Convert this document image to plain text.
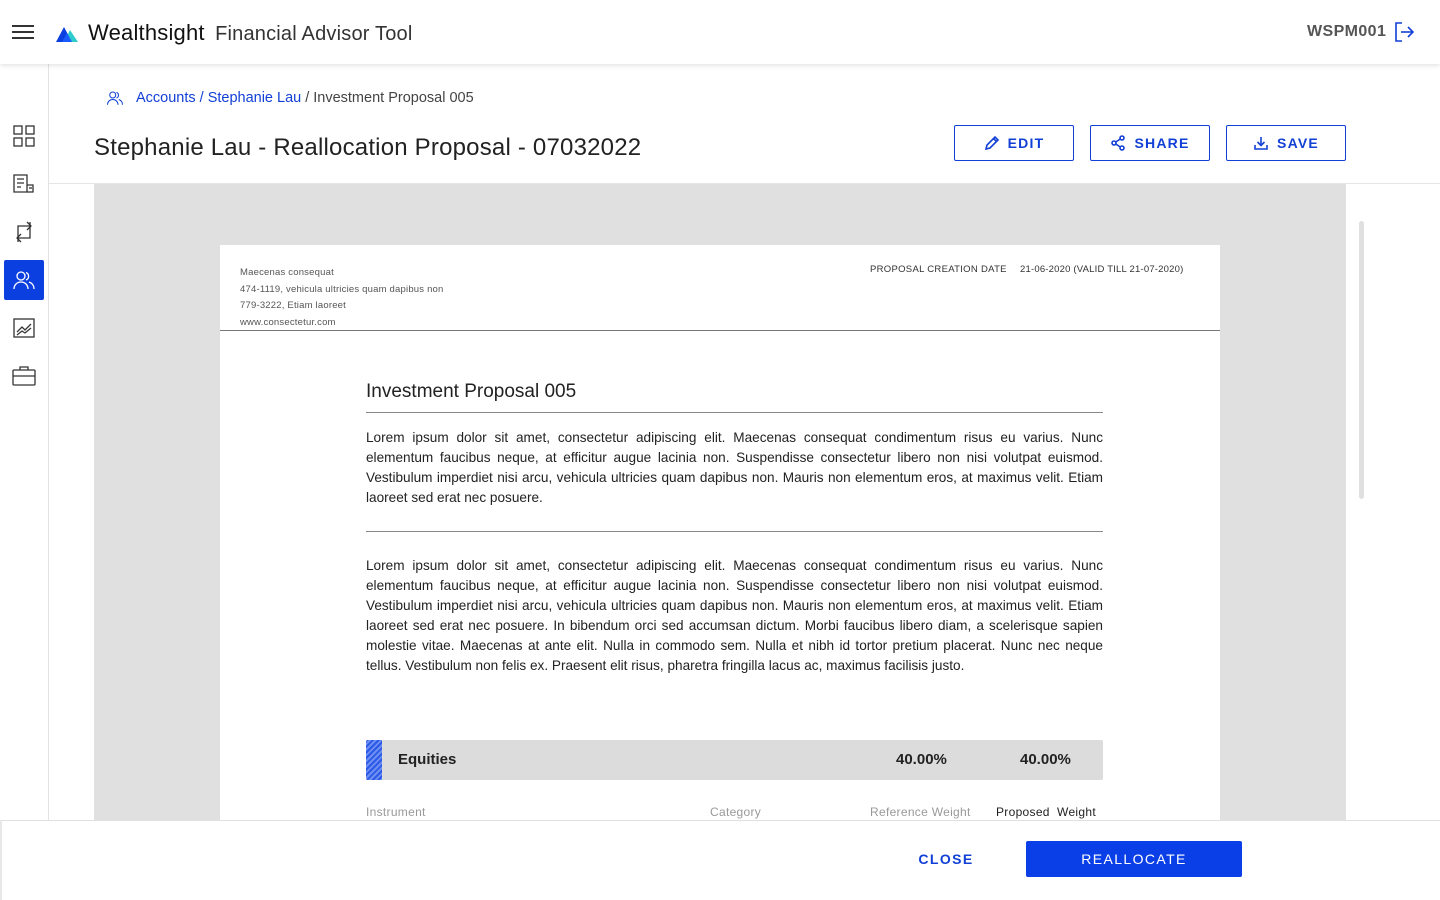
Wealthsight Financial Advisor Tool	WSPM001
Accounts / Stephanie Lau / Investment Proposal 005
Stephanie Lau - Reallocation Proposal - 07032022	EDIT	SHARE	SAVE
Maecenas consequat
474-1119, vehicula ultricies quam dapibus non
779-3222, Etiam laoreet
www.consectetur.com
PROPOSAL CREATION DATE 21-06-2020 (VALID TILL 21-07-2020)
Investment Proposal 005
Lorem ipsum dolor sit amet, consectetur adipiscing elit. Maecenas consequat condimentum risus eu varius. Nunc elementum faucibus neque, at efficitur augue lacinia non. Suspendisse consectetur libero non nisi volutpat euismod. Vestibulum imperdiet nisi arcu, vehicula ultricies quam dapibus non. Mauris non elementum eros, at maximus velit. Etiam laoreet sed erat nec posuere.
Lorem ipsum dolor sit amet, consectetur adipiscing elit. Maecenas consequat condimentum risus eu varius. Nunc elementum faucibus neque, at efficitur augue lacinia non. Suspendisse consectetur libero non nisi volutpat euismod. Vestibulum imperdiet nisi arcu, vehicula ultricies quam dapibus non. Mauris non elementum eros, at maximus velit. Etiam laoreet sed erat nec posuere. In bibendum orci sed accumsan dictum. Morbi faucibus libero diam, a scelerisque sapien molestie vitae. Maecenas at ante elit. Nulla in commodo sem. Nulla et nibh id tortor pretium placerat. Nunc nec neque tellus. Vestibulum non felis ex. Praesent elit risus, pharetra fringilla lacus ac, maximus facilisis justo.
Equities	40.00%	40.00%
Instrument	Category	Reference Weight Proposed  Weight
CLOSE	REALLOCATE
